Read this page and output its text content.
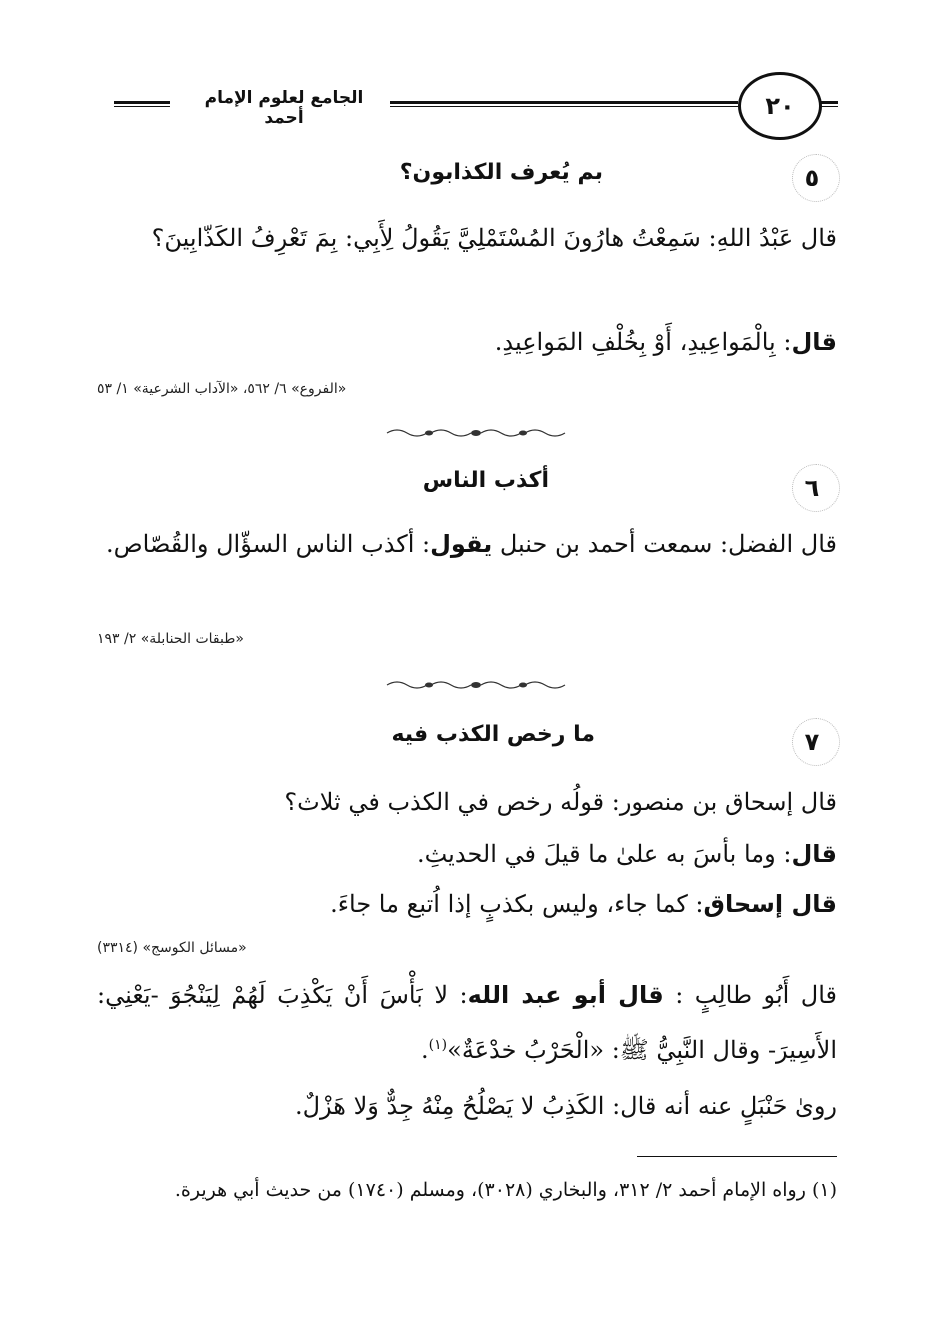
الجامع لعلوم الإمام أحمد	٢٠
٥
بم يُعرف الكذابون؟
قال عَبْدُ اللهِ: سَمِعْتُ هارُونَ المُسْتَمْلِيَّ يَقُولُ لِأَبِي: بِمَ تَعْرِفُ الكَذّابِينَ؟
قال: بِالْمَواعِيدِ، أَوْ بِخُلْفِ المَواعِيدِ.
«الفروع» ٦/ ٥٦٢، «الآداب الشرعية» ١/ ٥٣
٦
أكذب الناس
قال الفضل: سمعت أحمد بن حنبل يقول: أكذب الناس السؤّال والقُصّاص.
«طبقات الحنابلة» ٢/ ١٩٣
٧
ما رخص الكذب فيه
قال إسحاق بن منصور: قولُه رخص في الكذب في ثلاث؟
قال: وما بأسَ به علىٰ ما قيلَ في الحديثِ.
قال إسحاق: كما جاء، وليس بكذبٍ إذا اُتبع ما جاءَ.
«مسائل الكوسج» (٣٣١٤)
قال أَبُو طالِبٍ : قال أبو عبد الله: لا بَأْسَ أَنْ يَكْذِبَ لَهُمْ لِيَنْجُوَ -يَعْنِي: الأَسِيرَ- وقال النَّبِيُّ ﷺ: «الْحَرْبُ خدْعَةٌ»$^{(١)}$.
رویٰ حَنْبَلٍ عنه أنه قال: الكَذِبُ لا يَصْلُحُ مِنْهُ جِدٌّ وَلا هَزْلٌ.
(١) رواه الإمام أحمد ٢/ ٣١٢، والبخاري (٣٠٢٨)، ومسلم (١٧٤٠) من حديث أبي هريرة.
